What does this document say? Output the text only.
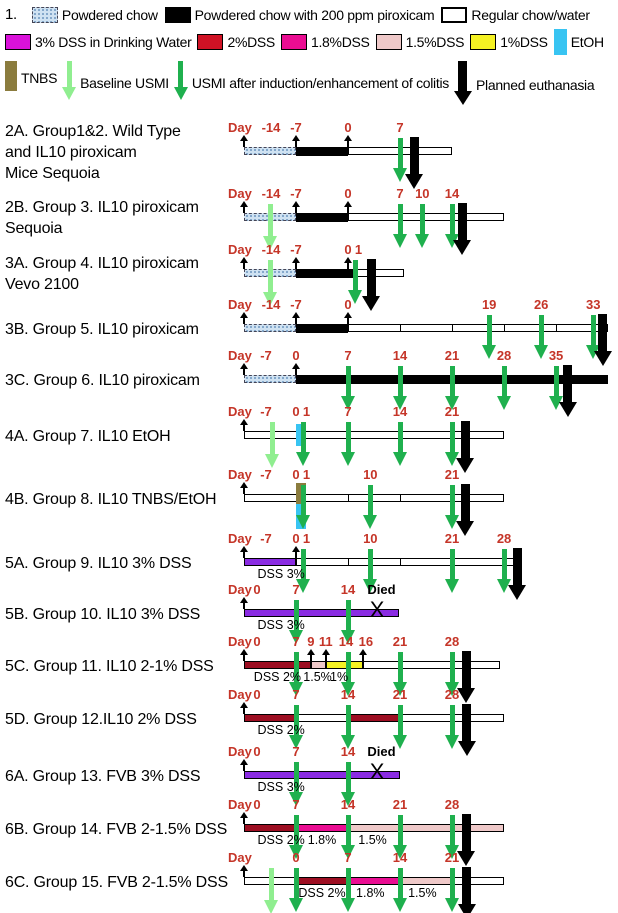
1.	Powdered chow	Powdered chow with 200 ppm piroxicam	Regular chow/water
3% DSS in Drinking Water	2%DSS	1.8%DSS	1.5%DSS	1%DSS EtOH
TNBS Baseline USMI USMI after induction/enhancement of colitis Planned euthanasia
2A. Group1&2. Wild Type
and IL10 piroxicam
Mice Sequoia
Day -14 -7	0	7
2B. Group 3. IL10 piroxicam
Sequoia
Day -14 -7	0	7 10 14
3A. Group 4. IL10 piroxicam
Vevo 2100
Day -14 -7	0 1
3B. Group 5. IL10 piroxicam
Day -14 -7	0	19	26	33
3C. Group 6. IL10 piroxicam
Day -7 0	7	14	21	28	35
4A. Group 7. IL10 EtOH
Day -7 0 1	7	14	21
4B. Group 8. IL10 TNBS/EtOH
Day -7 0 1	10	21
5A. Group 9. IL10 3% DSS
Day -7 0 1	10	21	28
DSS 3%
5B. Group 10. IL10 3% DSS	X
Day 0 7	14 Died
DSS 3%
5C. Group 11. IL10 2-1% DSS
Day 0 7 9 11 14 16 21	28
DSS 2% 1.5%
1%
5D. Group 12.IL10 2% DSS
Day 0 7	14	21	28
DSS 2%
6A. Group 13. FVB 3% DSS	X
Day 0 7	14 Died
DSS 3%
6B. Group 14. FVB 2-1.5% DSS
Day 0 7	14	21	28
DSS 2% 1.8% 1.5%
6C. Group 15. FVB 2-1.5% DSS
Day	0	7	14	21
DSS 2% 1.8% 1.5%
